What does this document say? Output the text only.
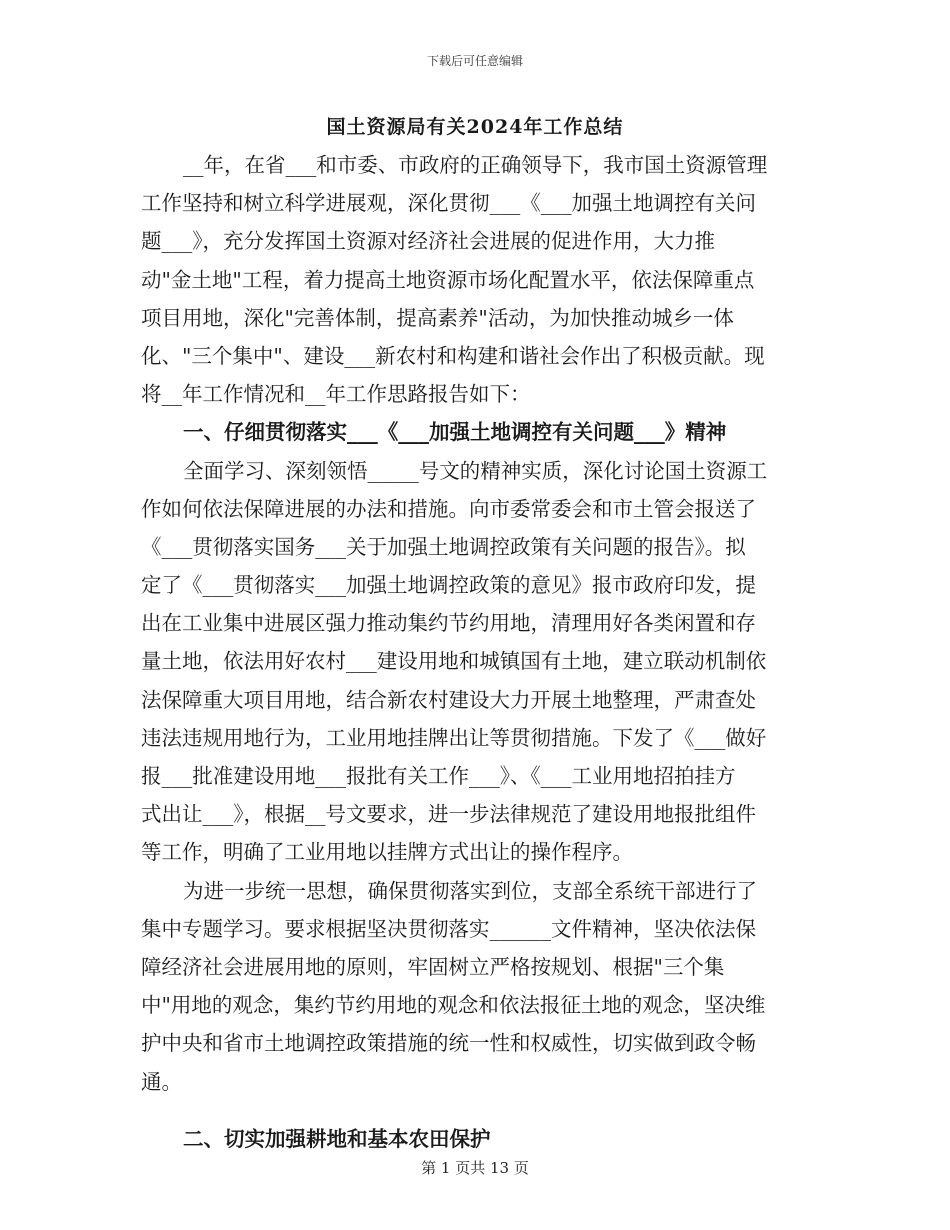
下载后可任意编辑
国土资源局有关2024年工作总结
__年，在省___和市委、市政府的正确领导下，我市国土资源管理
工作坚持和树立科学进展观，深化贯彻___《___加强土地调控有关问
题___》，充分发挥国土资源对经济社会进展的促进作用，大力推
动"金土地"工程，着力提高土地资源市场化配置水平，依法保障重点
项目用地，深化"完善体制，提高素养"活动，为加快推动城乡一体
化、"三个集中"、建设___新农村和构建和谐社会作出了积极贡献。现
将__年工作情况和__年工作思路报告如下：
一、仔细贯彻落实___《___加强土地调控有关问题___》精神
全面学习、深刻领悟_____号文的精神实质，深化讨论国土资源工
作如何依法保障进展的办法和措施。向市委常委会和市土管会报送了
《___贯彻落实国务___关于加强土地调控政策有关问题的报告》。拟
定了《___贯彻落实___加强土地调控政策的意见》报市政府印发，提
出在工业集中进展区强力推动集约节约用地，清理用好各类闲置和存
量土地，依法用好农村___建设用地和城镇国有土地，建立联动机制依
法保障重大项目用地，结合新农村建设大力开展土地整理，严肃查处
违法违规用地行为，工业用地挂牌出让等贯彻措施。下发了《___做好
报___批准建设用地___报批有关工作___》、《___工业用地招拍挂方
式出让___》，根据__号文要求，进一步法律规范了建设用地报批组件
等工作，明确了工业用地以挂牌方式出让的操作程序。
为进一步统一思想，确保贯彻落实到位，支部全系统干部进行了
集中专题学习。要求根据坚决贯彻落实______文件精神，坚决依法保
障经济社会进展用地的原则，牢固树立严格按规划、根据"三个集
中"用地的观念，集约节约用地的观念和依法报征土地的观念，坚决维
护中央和省市土地调控政策措施的统一性和权威性，切实做到政令畅
通。
二、切实加强耕地和基本农田保护
第 1 页共 13 页
